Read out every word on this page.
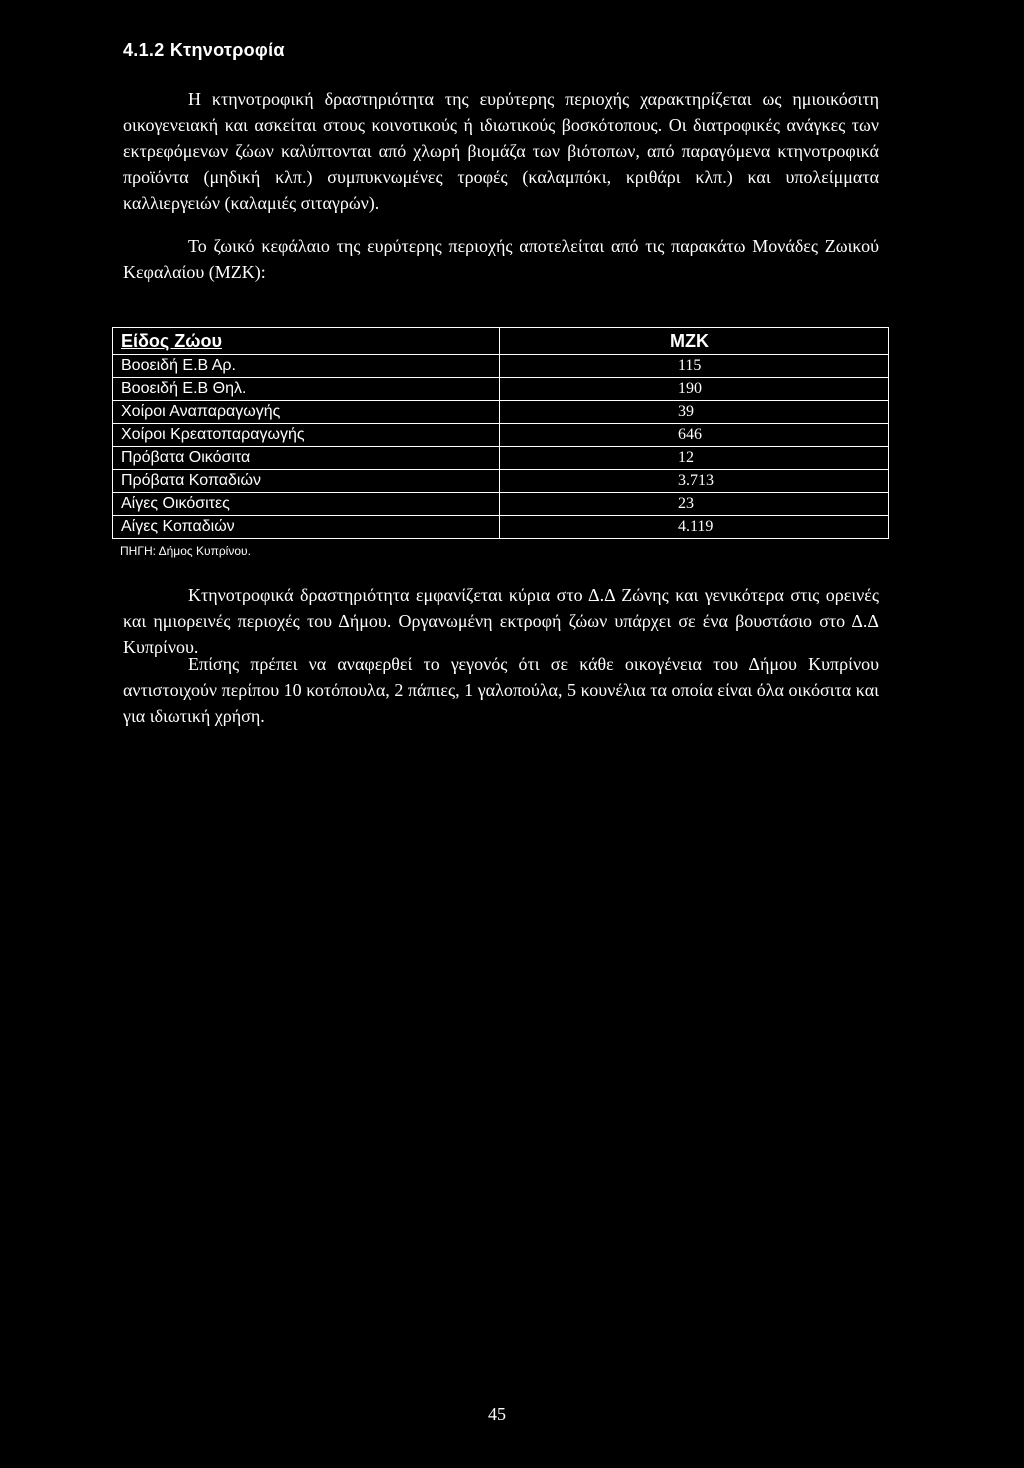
4.1.2 Κτηνοτροφία

Η κτηνοτροφική δραστηριότητα της ευρύτερης περιοχής χαρακτηρίζεται ως ημιοικόσιτη οικογενειακή και ασκείται στους κοινοτικούς ή ιδιωτικούς βοσκότοπους. Οι διατροφικές ανάγκες των εκτρεφόμενων ζώων καλύπτονται από χλωρή βιομάζα των βιότοπων, από παραγόμενα κτηνοτροφικά προϊόντα (μηδική κλπ.) συμπυκνωμένες τροφές (καλαμπόκι, κριθάρι κλπ.) και υπολείμματα καλλιεργειών (καλαμιές σιταγρών).

Το ζωικό κεφάλαιο της ευρύτερης περιοχής αποτελείται από τις παρακάτω Μονάδες Ζωικού Κεφαλαίου (ΜΖΚ):

Είδος Ζώου	ΜΖΚ
Βοοειδή Ε.Β Αρ.	115
Βοοειδή Ε.Β Θηλ.	190
Χοίροι Αναπαραγωγής	39
Χοίροι Κρεατοπαραγωγής	646
Πρόβατα Οικόσιτα	12
Πρόβατα Κοπαδιών	3.713
Αίγες Οικόσιτες	23
Αίγες Κοπαδιών	4.119
ΠΗΓΗ: Δήμος Κυπρίνου.

Κτηνοτροφικά δραστηριότητα εμφανίζεται κύρια στο Δ.Δ Ζώνης και γενικότερα στις ορεινές και ημιορεινές περιοχές του Δήμου. Οργανωμένη εκτροφή ζώων υπάρχει σε ένα βουστάσιο στο Δ.Δ Κυπρίνου.

Επίσης πρέπει να αναφερθεί το γεγονός ότι σε κάθε οικογένεια του Δήμου Κυπρίνου αντιστοιχούν περίπου 10 κοτόπουλα, 2 πάπιες, 1 γαλοπούλα, 5 κουνέλια τα οποία είναι όλα οικόσιτα και για ιδιωτική χρήση.

45
